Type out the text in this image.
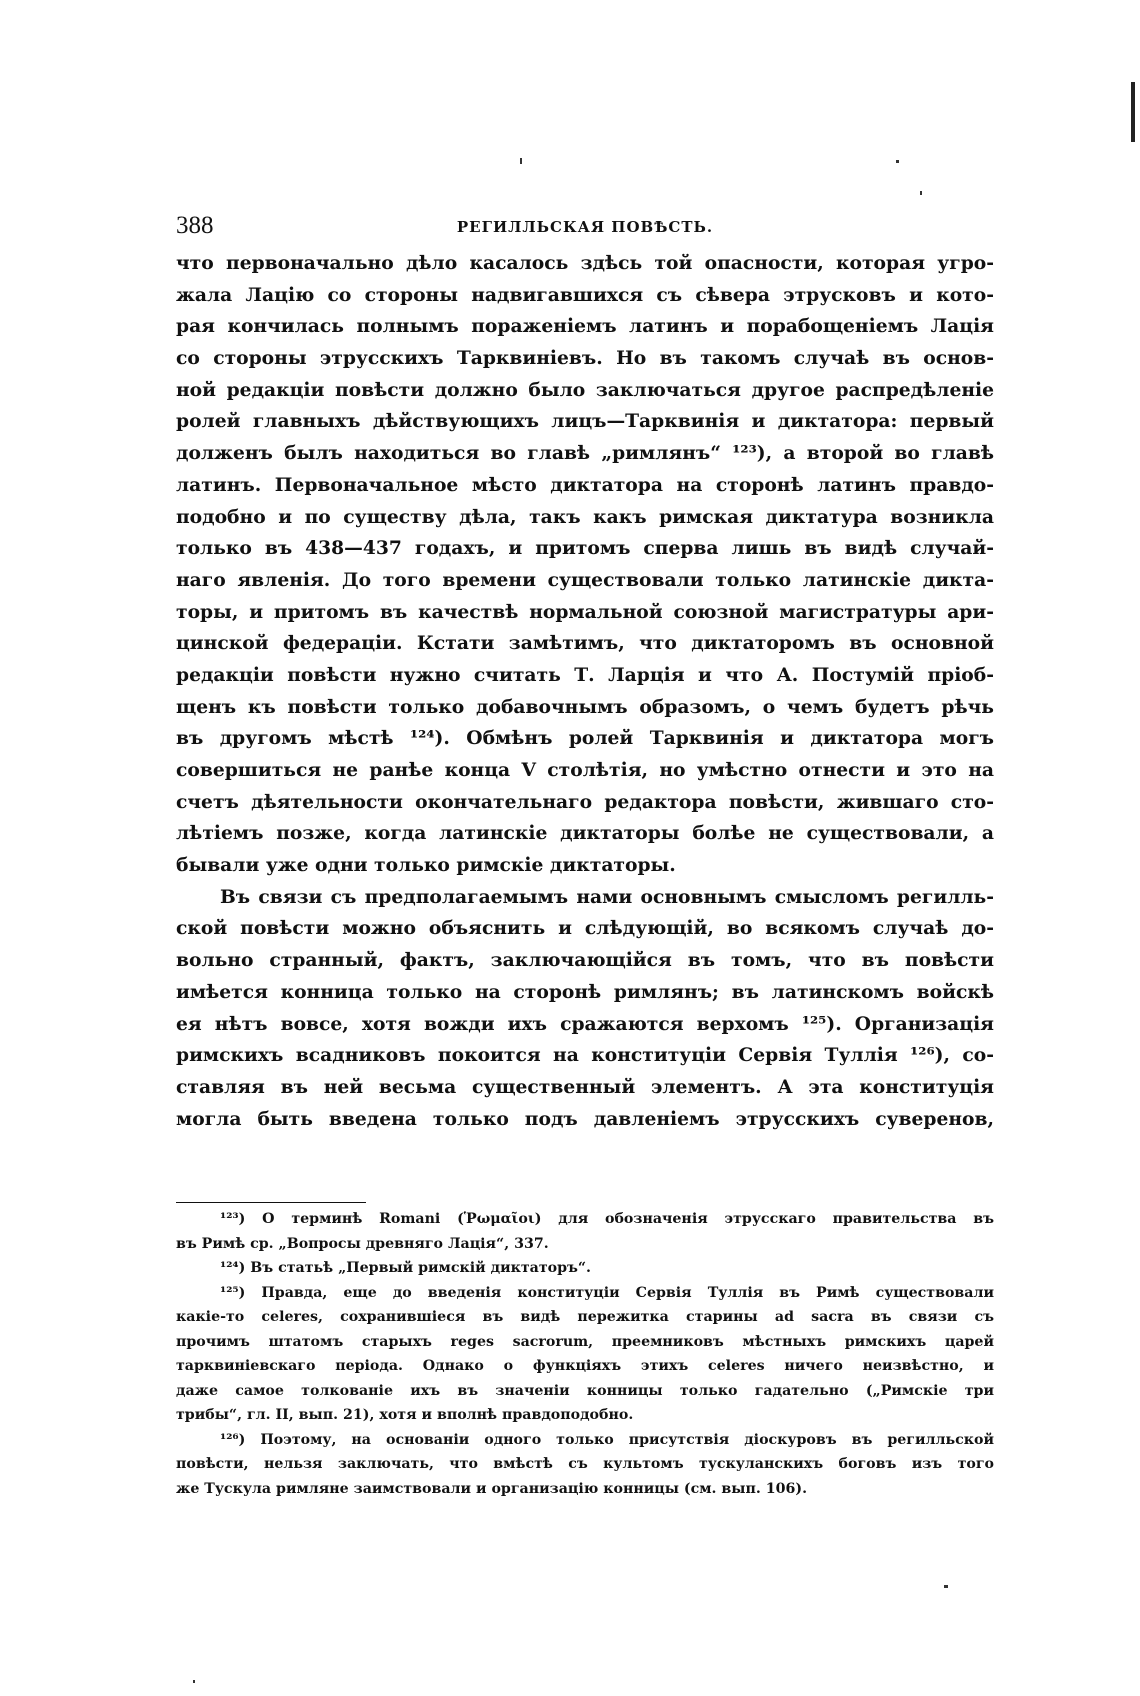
388	РЕГИЛЛЬСКАЯ ПОВѢСТЬ.
что первоначально дѣло касалось здѣсь той опасности, которая угро-
жала Лацію со стороны надвигавшихся съ сѣвера этрусковъ и кото-
рая кончилась полнымъ пораженіемъ латинъ и порабощеніемъ Лацiя
со стороны этрусскихъ Тарквиніевъ. Но въ такомъ случаѣ въ основ-
ной редакціи повѣсти должно было заключаться другое распредѣленіе
ролей главныхъ дѣйствующихъ лицъ—Тарквинія и диктатора: первый
долженъ былъ находиться во главѣ „римлянъ“ ¹²³), а второй во главѣ
латинъ. Первоначальное мѣсто диктатора на сторонѣ латинъ правдо-
подобно и по существу дѣла, такъ какъ римская диктатура возникла
только въ 438—437 годахъ, и притомъ сперва лишь въ видѣ случай-
наго явленія. До того времени существовали только латинскіе дикта-
торы, и притомъ въ качествѣ нормальной союзной магистратуры ари-
цинской федераціи. Кстати замѣтимъ, что диктаторомъ въ основной
редакціи повѣсти нужно считать Т. Ларція и что А. Постумій пріоб-
щенъ къ повѣсти только добавочнымъ образомъ, о чемъ будетъ рѣчь
въ другомъ мѣстѣ ¹²⁴). Обмѣнъ ролей Тарквинія и диктатора могъ
совершиться не ранѣе конца V столѣтія, но умѣстно отнести и это на
счетъ дѣятельности окончательнаго редактора повѣсти, жившаго сто-
лѣтіемъ позже, когда латинскіе диктаторы болѣе не существовали, а
бывали уже одни только римскіе диктаторы.
Въ связи съ предполагаемымъ нами основнымъ смысломъ регилль-
ской повѣсти можно объяснить и слѣдующій, во всякомъ случаѣ до-
вольно странный, фактъ, заключающійся въ томъ, что въ повѣсти
имѣется конница только на сторонѣ римлянъ; въ латинскомъ войскѣ
ея нѣтъ вовсе, хотя вожди ихъ сражаются верхомъ ¹²⁵). Организація
римскихъ всадниковъ покоится на конституціи Сервія Туллія ¹²⁶), со-
ставляя въ ней весьма существенный элементъ. А эта конституція
могла быть введена только подъ давленіемъ этрусскихъ суверенов,
¹²³) О терминѣ Romani (Ῥωμαῖοι) для обозначенія этрусскаго правительства въ
въ Римѣ ср. „Вопросы древняго Лацiя“, 337.
¹²⁴) Въ статьѣ „Первый римскій диктаторъ“.
¹²⁵) Правда, еще до введенія конституціи Сервія Туллія въ Римѣ существовали
какіе-то celeres, сохранившіеся въ видѣ пережитка старины ad sacra въ связи съ
прочимъ штатомъ старыхъ reges sacrorum, преемниковъ мѣстныхъ римскихъ царей
тарквиніевскаго періода. Однако о функціяхъ этихъ celeres ничего неизвѣстно, и
даже самое толкованіе ихъ въ значеніи конницы только гадательно („Римскіе три
трибы“, гл. II, вып. 21), хотя и вполнѣ правдоподобно.
¹²⁶) Поэтому, на основаніи одного только присутствія діоскуровъ въ регилльской
повѣсти, нельзя заключать, что вмѣстѣ съ культомъ тускуланскихъ боговъ изъ того
же Тускула римляне заимствовали и организацію конницы (см. вып. 106).
